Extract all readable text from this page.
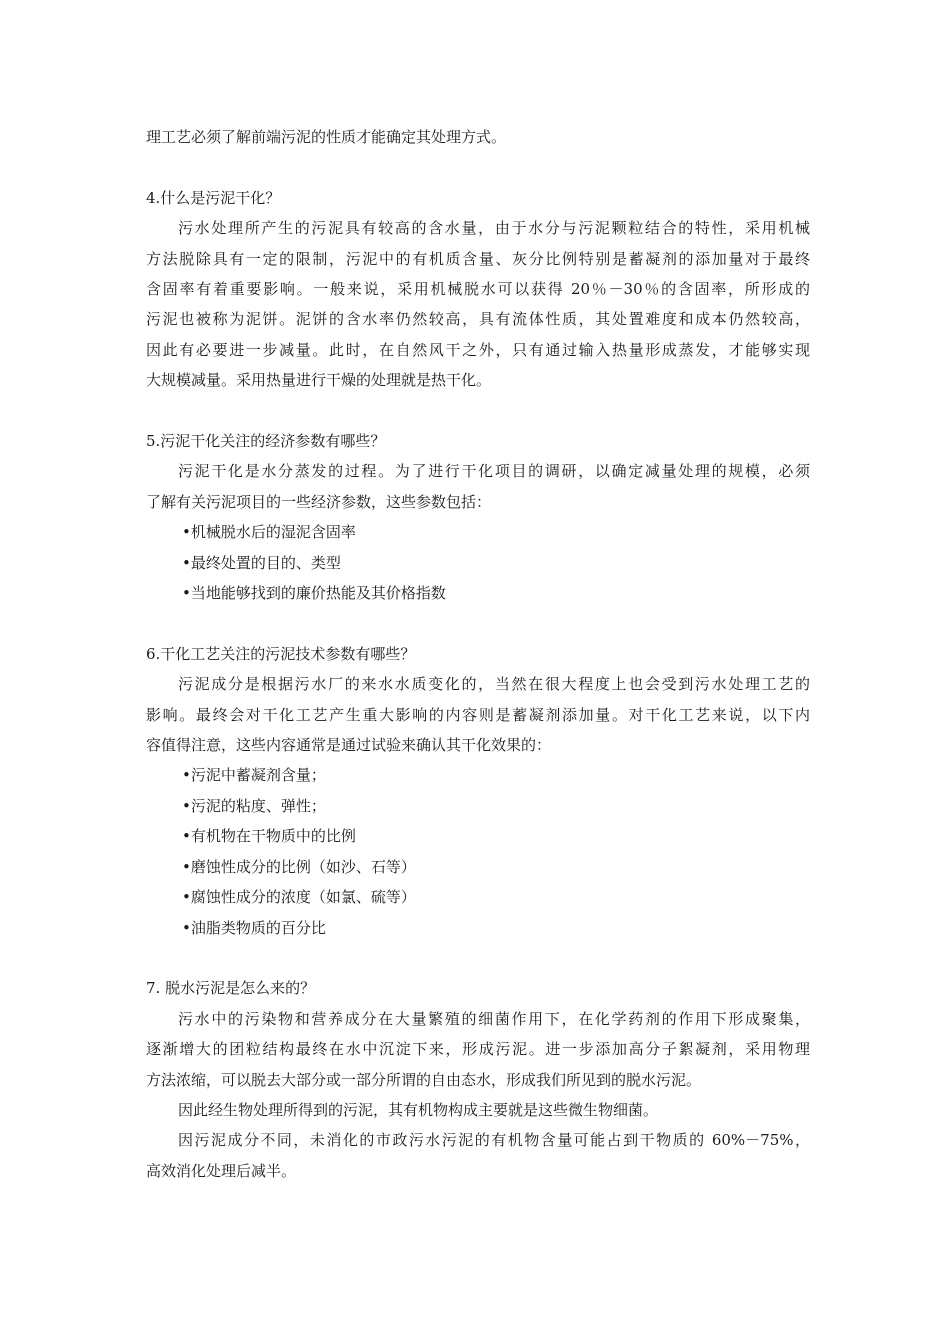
理工艺必须了解前端污泥的性质才能确定其处理方式。
4.什么是污泥干化？
污水处理所产生的污泥具有较高的含水量，由于水分与污泥颗粒结合的特性，采用机械
方法脱除具有一定的限制，污泥中的有机质含量、灰分比例特别是蓄凝剂的添加量对于最终
含固率有着重要影响。一般来说，采用机械脱水可以获得 20％－30％的含固率，所形成的
污泥也被称为泥饼。泥饼的含水率仍然较高，具有流体性质，其处置难度和成本仍然较高，
因此有必要进一步减量。此时，在自然风干之外，只有通过输入热量形成蒸发，才能够实现
大规模减量。采用热量进行干燥的处理就是热干化。
5.污泥干化关注的经济参数有哪些？
污泥干化是水分蒸发的过程。为了进行干化项目的调研，以确定减量处理的规模，必须
了解有关污泥项目的一些经济参数，这些参数包括：
•机械脱水后的湿泥含固率
•最终处置的目的、类型
•当地能够找到的廉价热能及其价格指数
6.干化工艺关注的污泥技术参数有哪些？
污泥成分是根据污水厂的来水水质变化的，当然在很大程度上也会受到污水处理工艺的
影响。最终会对干化工艺产生重大影响的内容则是蓄凝剂添加量。对干化工艺来说，以下内
容值得注意，这些内容通常是通过试验来确认其干化效果的：
•污泥中蓄凝剂含量；
•污泥的粘度、弹性；
•有机物在干物质中的比例
•磨蚀性成分的比例（如沙、石等）
•腐蚀性成分的浓度（如氯、硫等）
•油脂类物质的百分比
7. 脱水污泥是怎么来的？
污水中的污染物和营养成分在大量繁殖的细菌作用下，在化学药剂的作用下形成聚集，
逐渐增大的团粒结构最终在水中沉淀下来，形成污泥。进一步添加高分子絮凝剂，采用物理
方法浓缩，可以脱去大部分或一部分所谓的自由态水，形成我们所见到的脱水污泥。
因此经生物处理所得到的污泥，其有机物构成主要就是这些微生物细菌。
因污泥成分不同，未消化的市政污水污泥的有机物含量可能占到干物质的 60%－75%，
高效消化处理后减半。
